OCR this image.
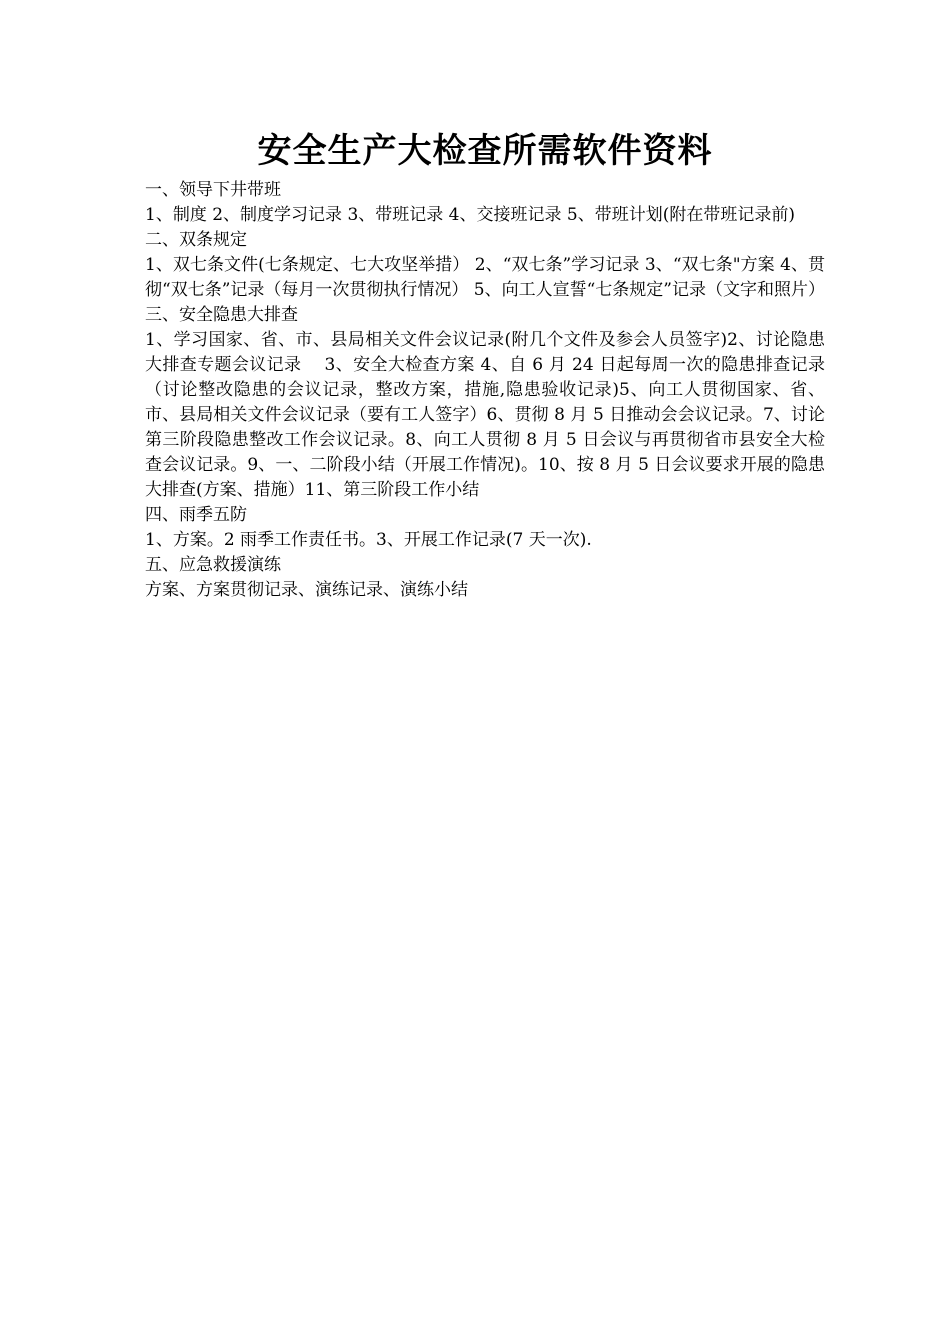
安全生产大检查所需软件资料

一、领导下井带班

1、制度 2、制度学习记录 3、带班记录 4、交接班记录 5、带班计划(附在带班记录前)

二、双条规定

1、双七条文件(七条规定、七大攻坚举措） 2、“双七条”学习记录 3、“双七条"方案 4、贯彻“双七条”记录（每月一次贯彻执行情况） 5、向工人宣誓“七条规定”记录（文字和照片）

三、安全隐患大排查

1、学习国家、省、市、县局相关文件会议记录(附几个文件及参会人员签字)2、讨论隐患大排查专题会议记录　 3、安全大检查方案 4、自 6 月 24 日起每周一次的隐患排查记录（讨论整改隐患的会议记录，整改方案，措施,隐患验收记录)5、向工人贯彻国家、省、市、县局相关文件会议记录（要有工人签字）6、贯彻 8 月 5 日推动会会议记录。7、讨论第三阶段隐患整改工作会议记录。8、向工人贯彻 8 月 5 日会议与再贯彻省市县安全大检查会议记录。9、一、二阶段小结（开展工作情况)。10、按 8 月 5 日会议要求开展的隐患大排查(方案、措施）11、第三阶段工作小结

四、雨季五防

1、方案。2 雨季工作责任书。3、开展工作记录(7 天一次).

五、应急救援演练

方案、方案贯彻记录、演练记录、演练小结
